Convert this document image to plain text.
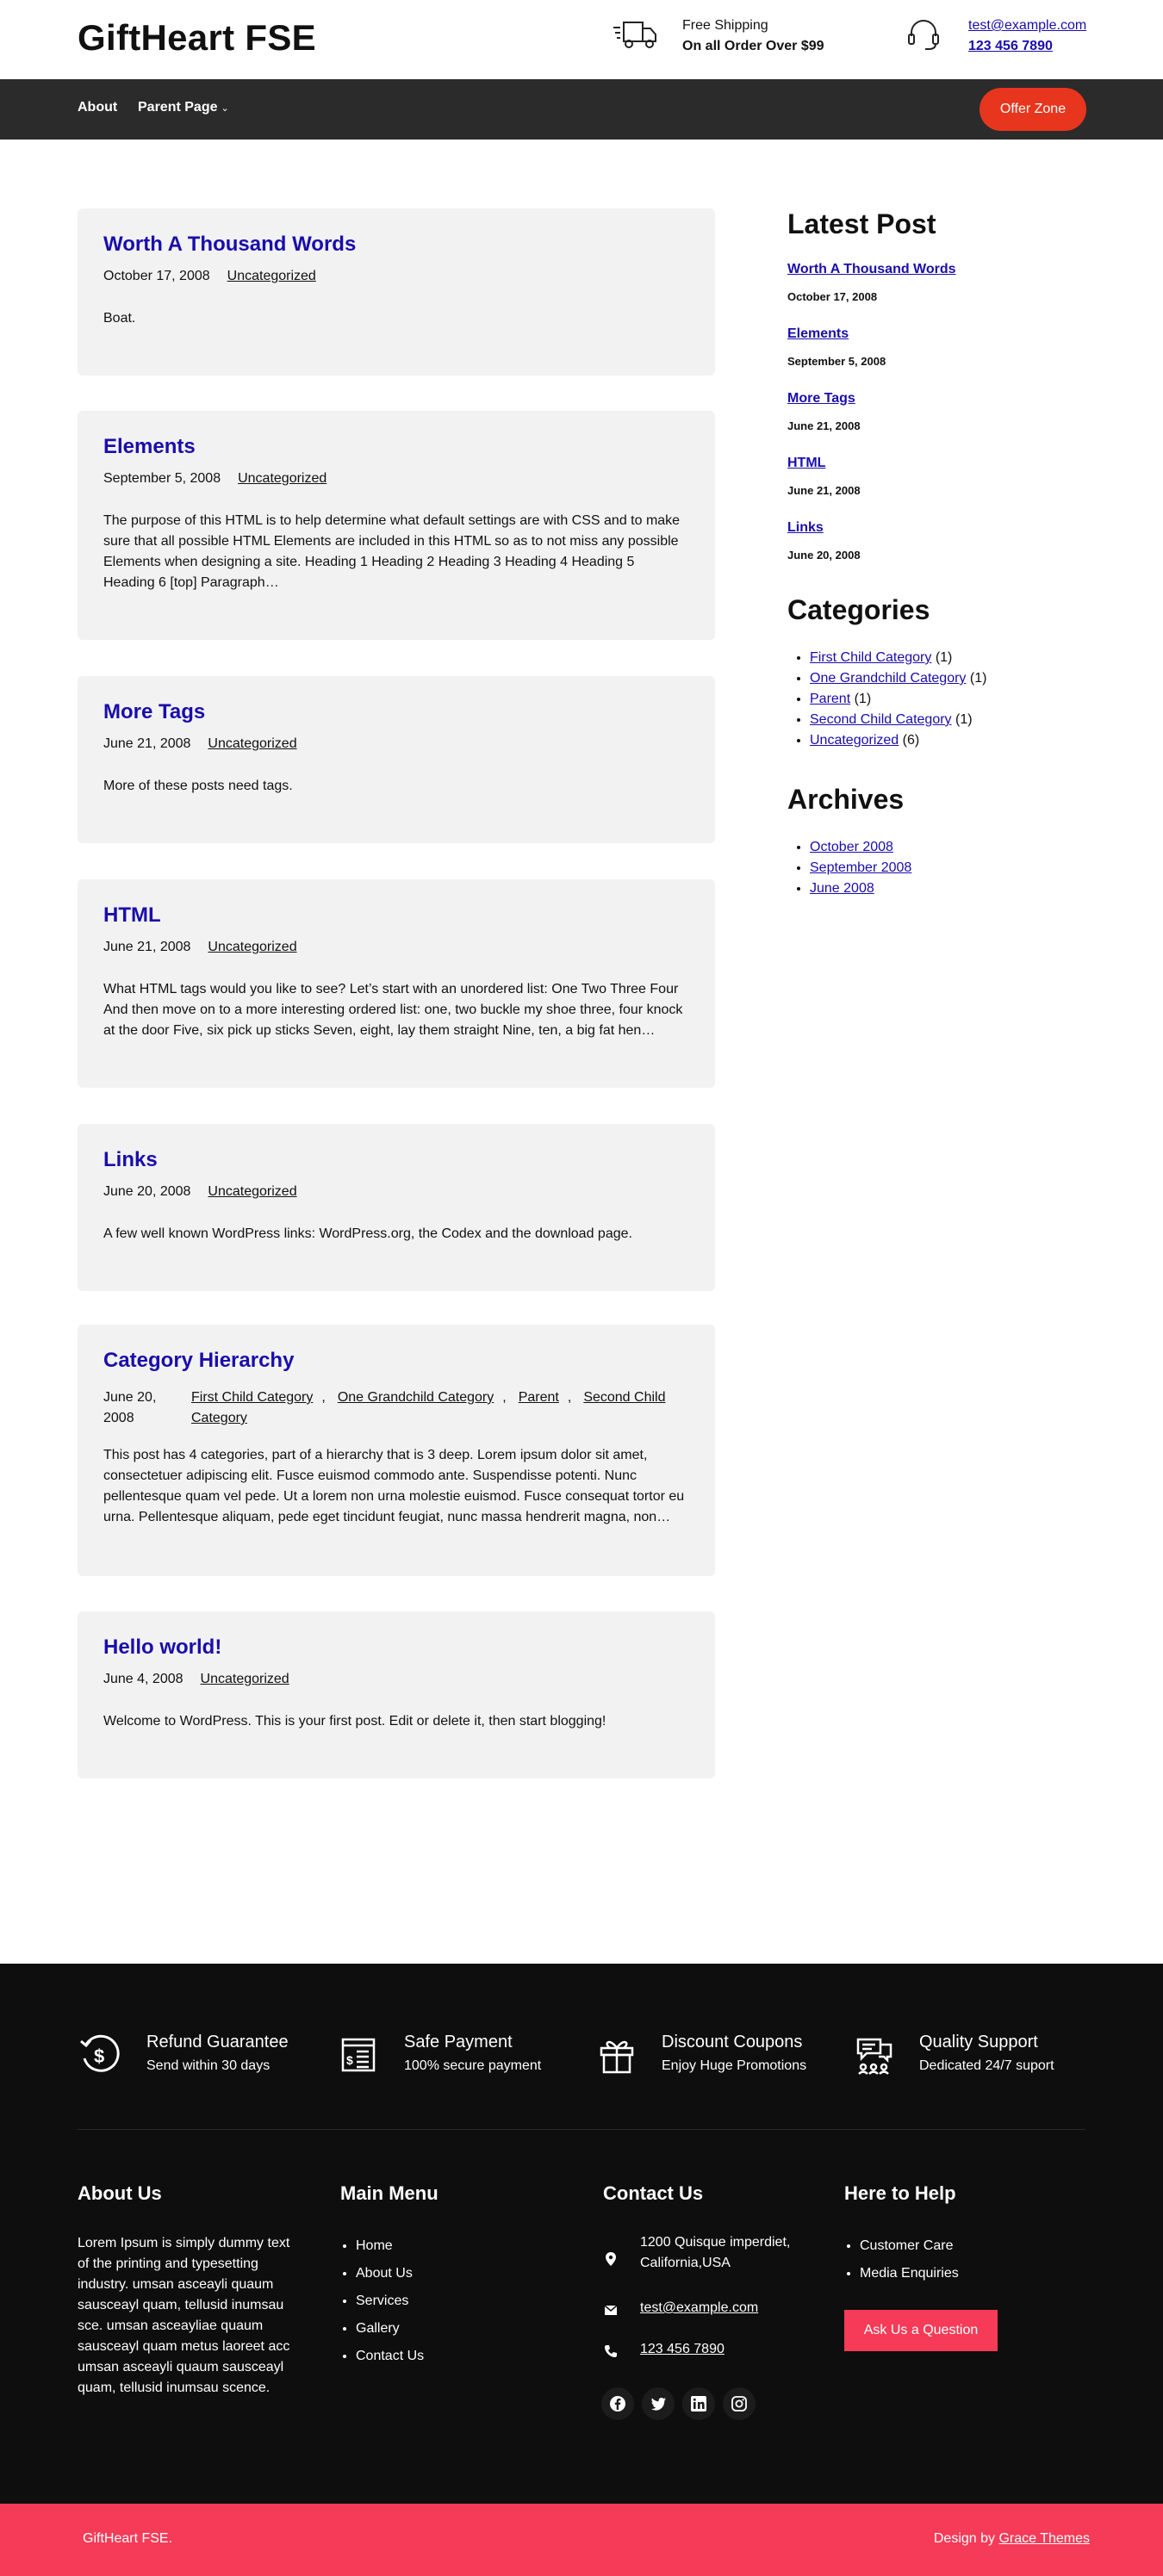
GiftHeart FSE	Free Shipping
On all Order Over $99
test@example.com
123 456 7890
About Parent Page ⌄	Offer Zone
Worth A Thousand Words
October 17, 2008 Uncategorized

Boat.

Elements
September 5, 2008 Uncategorized

The purpose of this HTML is to help determine what default settings are with CSS and to make sure that all possible HTML Elements are included in this HTML so as to not miss any possible Elements when designing a site. Heading 1 Heading 2 Heading 3 Heading 4 Heading 5 Heading 6 [top] Paragraph…

More Tags
June 21, 2008 Uncategorized

More of these posts need tags.

HTML
June 21, 2008 Uncategorized

What HTML tags would you like to see? Let’s start with an unordered list: One Two Three Four And then move on to a more interesting ordered list: one, two buckle my shoe three, four knock at the door Five, six pick up sticks Seven, eight, lay them straight Nine, ten, a big fat hen…

Links
June 20, 2008 Uncategorized

A few well known WordPress links: WordPress.org, the Codex and the download page.

Category Hierarchy
June 20, 2008
First Child Category , One Grandchild Category , Parent , Second Child Category

This post has 4 categories, part of a hierarchy that is 3 deep. Lorem ipsum dolor sit amet, consectetuer adipiscing elit. Fusce euismod commodo ante. Suspendisse potenti. Nunc pellentesque quam vel pede. Ut a lorem non urna molestie euismod. Fusce consequat tortor eu urna. Pellentesque aliquam, pede eget tincidunt feugiat, nunc massa hendrerit magna, non…

Hello world!
June 4, 2008 Uncategorized

Welcome to WordPress. This is your first post. Edit or delete it, then start blogging!

Latest Post
Worth A Thousand Words
October 17, 2008
Elements
September 5, 2008
More Tags
June 21, 2008
HTML
June 21, 2008
Links
June 20, 2008
Categories
• First Child Category (1)
• One Grandchild Category (1)
• Parent (1)
• Second Child Category (1)
• Uncategorized (6)
Archives
• October 2008
• September 2008
• June 2008
$
Refund Guarantee
Send within 30 days	$
Safe Payment
100% secure payment
Discount Coupons
Enjoy Huge Promotions
Quality Support
Dedicated 24/7 suport
About Us

Lorem Ipsum is simply dummy text of the printing and typesetting industry. umsan asceayli quaum sausceayl quam, tellusid inumsau sce. umsan asceayliae quaum sausceayl quam metus laoreet acc umsan asceayli quaum sausceayl quam, tellusid inumsau scence.

Main Menu
• Home
• About Us
• Services
• Gallery
• Contact Us
Contact Us
1200 Quisque imperdiet, California,USA
test@example.com
123 456 7890
Here to Help
• Customer Care
• Media Enquiries
Ask Us a Question
GiftHeart FSE.	Design by Grace Themes
